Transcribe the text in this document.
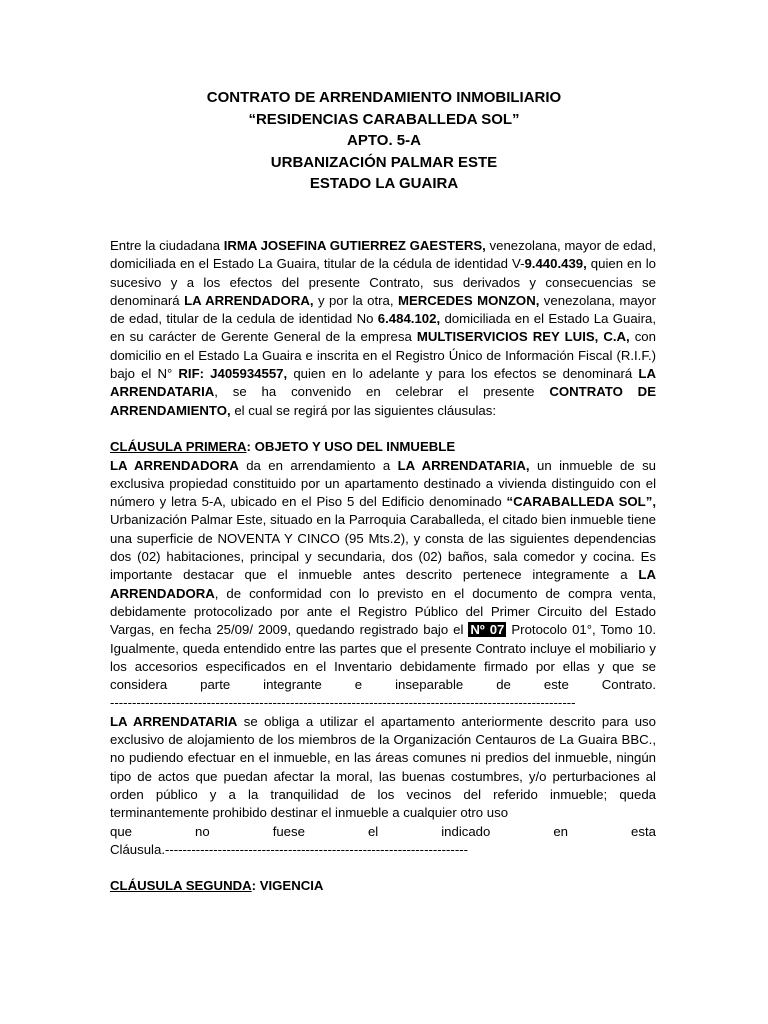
CONTRATO DE ARRENDAMIENTO INMOBILIARIO
“RESIDENCIAS CARABALLEDA SOL”
APTO. 5-A
URBANIZACIÓN PALMAR ESTE
ESTADO LA GUAIRA

Entre la ciudadana IRMA JOSEFINA GUTIERREZ GAESTERS, venezolana, mayor de edad, domiciliada en el Estado La Guaira, titular de la cédula de identidad V-9.440.439, quien en lo sucesivo y a los efectos del presente Contrato, sus derivados y consecuencias se denominará LA ARRENDADORA, y por la otra, MERCEDES MONZON, venezolana, mayor de edad, titular de la cedula de identidad No 6.484.102, domiciliada en el Estado La Guaira, en su carácter de Gerente General de la empresa MULTISERVICIOS REY LUIS, C.A, con domicilio en el Estado La Guaira e inscrita en el Registro Único de Información Fiscal (R.I.F.) bajo el N° RIF: J405934557, quien en lo adelante y para los efectos se denominará LA ARRENDATARIA, se ha convenido en celebrar el presente CONTRATO DE ARRENDAMIENTO, el cual se regirá por las siguientes cláusulas:

CLÁUSULA PRIMERA: OBJETO Y USO DEL INMUEBLE

LA ARRENDADORA da en arrendamiento a LA ARRENDATARIA, un inmueble de su exclusiva propiedad constituido por un apartamento destinado a vivienda distinguido con el número y letra 5-A, ubicado en el Piso 5 del Edificio denominado “CARABALLEDA SOL”, Urbanización Palmar Este, situado en la Parroquia Caraballeda, el citado bien inmueble tiene una superficie de NOVENTA Y CINCO (95 Mts.2), y consta de las siguientes dependencias dos (02) habitaciones, principal y secundaria, dos (02) baños, sala comedor y cocina. Es importante destacar que el inmueble antes descrito pertenece integramente a LA ARRENDADORA, de conformidad con lo previsto en el documento de compra venta, debidamente protocolizado por ante el Registro Público del Primer Circuito del Estado Vargas, en fecha 25/09/ 2009, quedando registrado bajo el Nº 07 Protocolo 01°, Tomo 10. Igualmente, queda entendido entre las partes que el presente Contrato incluye el mobiliario y los accesorios especificados en el Inventario debidamente firmado por ellas y que se considera parte integrante e inseparable de este Contrato.

----------------------------------------------------------------------------------------------------------

LA ARRENDATARIA se obliga a utilizar el apartamento anteriormente descrito para uso exclusivo de alojamiento de los miembros de la Organización Centauros de La Guaira BBC., no pudiendo efectuar en el inmueble, en las áreas comunes ni predios del inmueble, ningún tipo de actos que puedan afectar la moral, las buenas costumbres, y/o perturbaciones al orden público y a la tranquilidad de los vecinos del referido inmueble; queda terminantemente prohibido destinar el inmueble a cualquier otro uso

que	no	fuese	el	indicado	en	esta
Cláusula.---------------------------------------------------------------------
CLÁUSULA SEGUNDA: VIGENCIA
